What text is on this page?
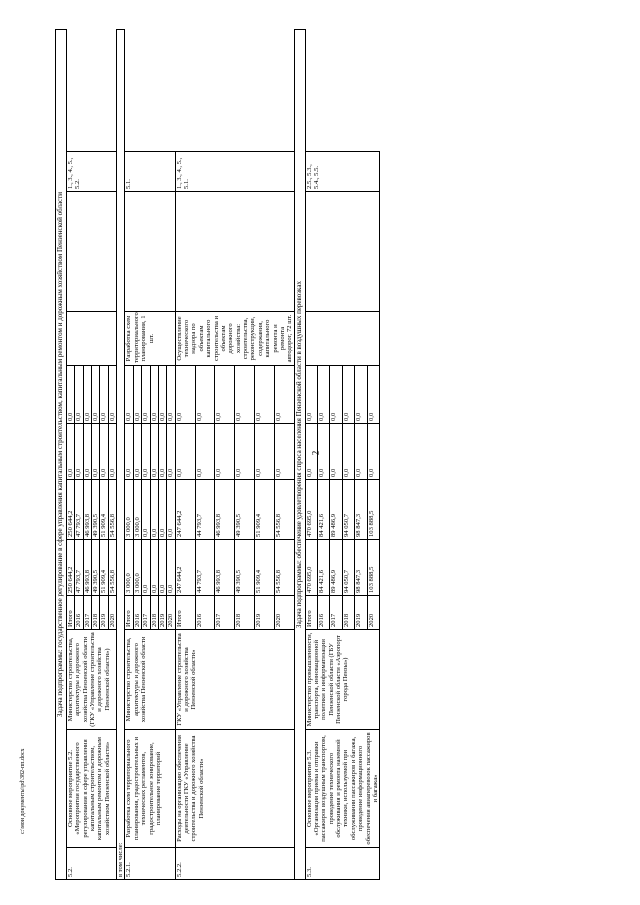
2
Задача подпрограммы: государственное регулирование в сфере управления капитальным строительством, капитальным ремонтом и дорожным хозяйством Пензенской области										
5.2.	Основное мероприятие 5.2. «Мероприятия государственного регулирования в сфере управления капитальным строительством, капитальным ремонтом и дорожным хозяйством Пензенской области»	Министерство строительства, архитектуры и дорожного хозяйства Пензенской области (ГКУ «Управление строительства и дорожного хозяйства Пензенской области»)	Итого	250 644,2	250 644,2	0,0	0,0			1., 3., 4., 5., 5.2.
			2016	47 793,7	47 793,7	0,0	0,0			
			2017	46 993,8	46 993,8	0,0	0,0			
			2018	49 390,5	49 390,5	0,0	0,0			
			2019	51 909,4	51 909,4	0,0	0,0			
			2020	54 556,8	54 556,8	0,0	0,0			
в том числе:										
5.2.1.	Разработка схем территориального планирования, градостроительных и технических регламентов, градостроительное зонирование, планирование территорий	Министерство строительства, архитектуры и дорожного хозяйства Пензенской области	Итого	3 000,0	3 000,0	0,0	0,0	Разработка схем территориального планирования, 1 шт.		5.1.
			2016	3 000,0	3 000,0	0,0	0,0			
			2017	0,0	0,0	0,0	0,0			
			2018	0,0	0,0	0,0	0,0			
			2019	0,0	0,0	0,0	0,0			
			2020	0,0	0,0	0,0	0,0			
5.2.2.	Расходы на организацию обеспечения деятельности ГКУ «Управление строительства и дорожного хозяйства Пензенской области»	ГКУ «Управление строительства и дорожного хозяйства Пензенской области»	Итого	247 644,2	247 644,2	0,0	0,0	Осуществление технического надзора по объектам капитального строительства и объектам дорожного хозяйства: строительства, реконструкции, содержания, капитального ремонта и ремонта автодорог, 72 шт.		1., 3., 4., 5., 5.1.
			2016	44 793,7	44 793,7	0,0	0,0			
			2017	46 993,8	46 993,8	0,0	0,0			
			2018	49 390,5	49 390,5	0,0	0,0			
			2019	51 909,4	51 909,4	0,0	0,0			
			2020	54 556,8	54 556,8	0,0	0,0			
Задача подпрограммы: обеспечение удовлетворения спроса населения Пензенской области в воздушных перевозках										
5.3.	Основное мероприятие 5.3. «Организация приема и отправки пассажиров воздушным транспортом, проведение технического обслуживания и ремонта наземной техники, используемой при обслуживании пассажиров и багажа, проведение информационного обеспечения авиаперевозок пассажиров и багажа»	Министерство промышленности, транспорта, инновационной политики и информатизации Пензенской области (ГБУ Пензенской области «Аэропорт города Пензы»)	Итого	470 695,0	470 695,0	0,0	0,0			2.5., 5.3., 5.4., 5.5.
			2016	84 421,6	84 421,6	0,0	0,0			
			2017	89 486,9	89 486,9	0,0	0,0			
			2018	94 050,7	94 050,7	0,0	0,0			
			2019	98 847,3	98 847,3	0,0	0,0			
			2020	103 888,5	103 888,5	0,0	0,0			
c:\мои документы\pd\382-пп.docx
